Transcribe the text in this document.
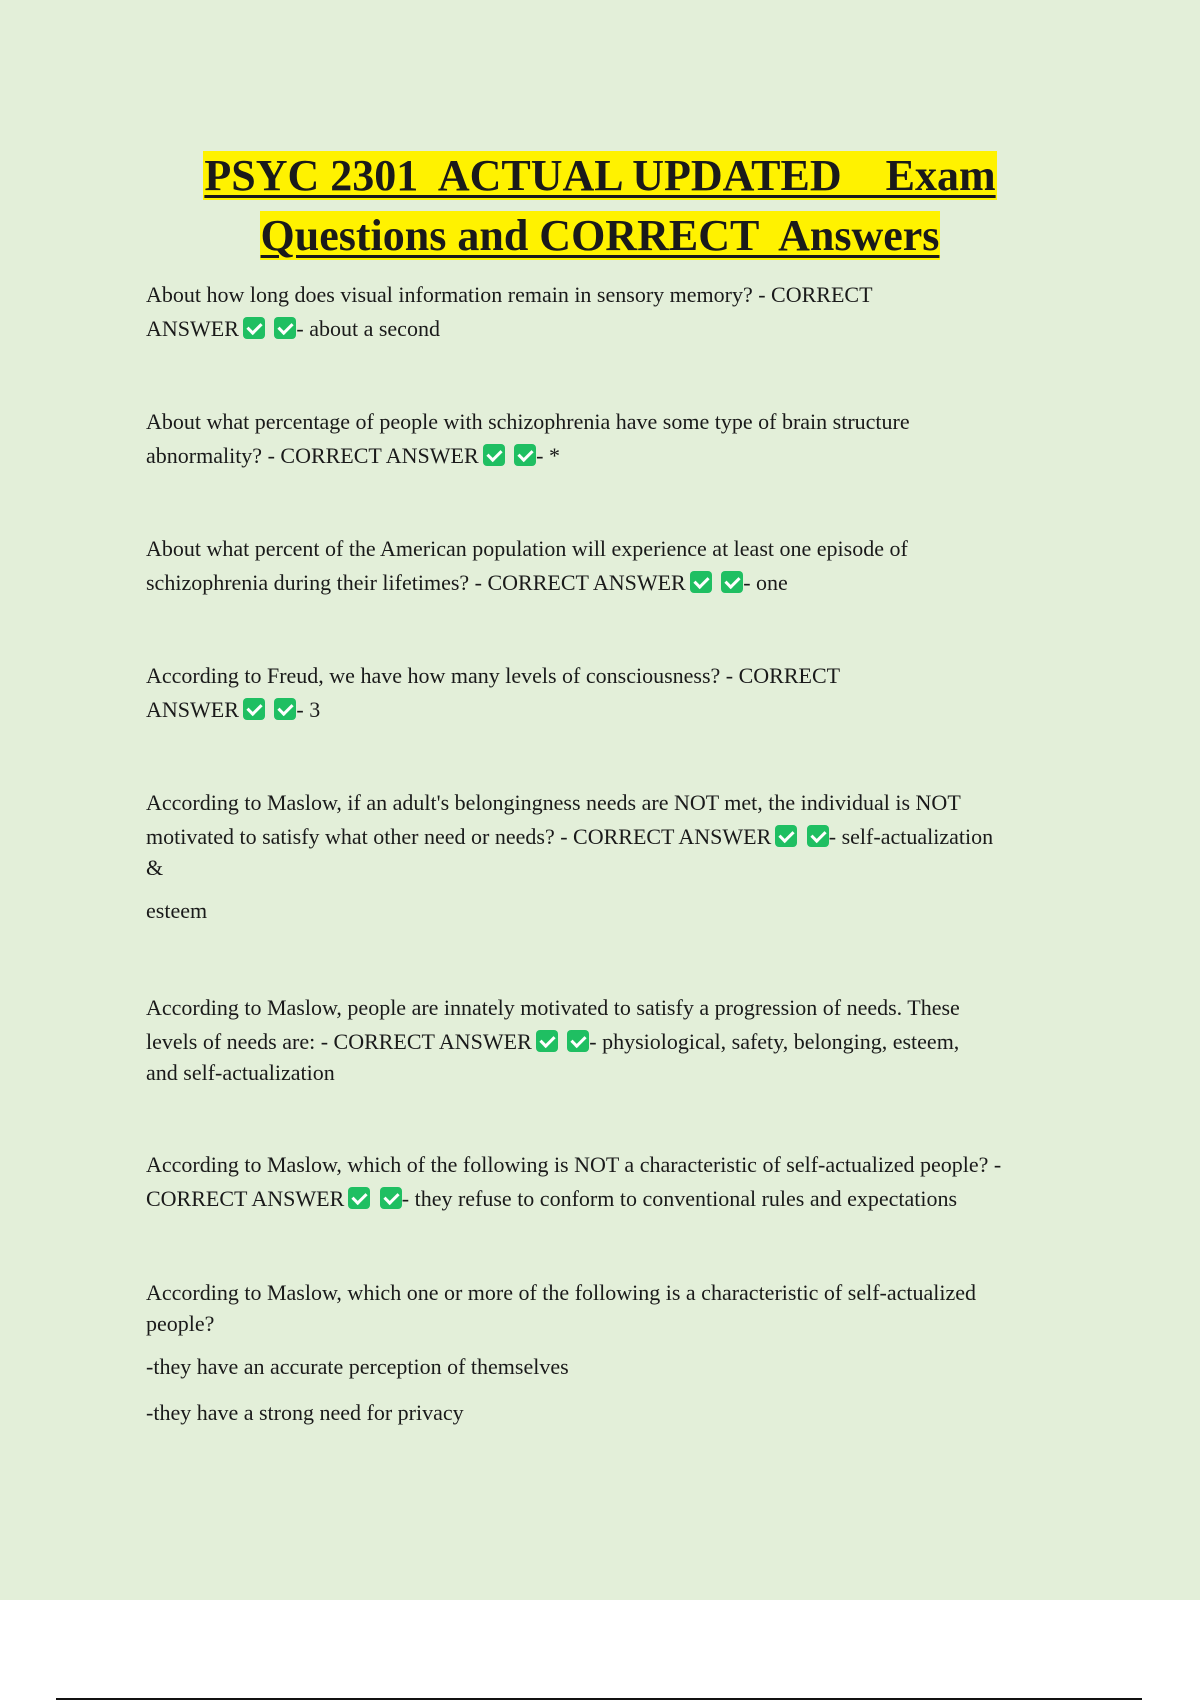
PSYC 2301  ACTUAL UPDATED    Exam
Questions and CORRECT  Answers

About how long does visual information remain in sensory memory? - CORRECT

ANSWER	- about a second

About what percentage of people with schizophrenia have some type of brain structure

abnormality? - CORRECT ANSWER	- *

About what percent of the American population will experience at least one episode of

schizophrenia during their lifetimes? - CORRECT ANSWER	- one

According to Freud, we have how many levels of consciousness? - CORRECT

ANSWER	- 3

According to Maslow, if an adult's belongingness needs are NOT met, the individual is NOT

motivated to satisfy what other need or needs? - CORRECT ANSWER	- self-actualization

&

esteem

According to Maslow, people are innately motivated to satisfy a progression of needs. These

levels of needs are: - CORRECT ANSWER	- physiological, safety, belonging, esteem,

and self-actualization

According to Maslow, which of the following is NOT a characteristic of self-actualized people? -

CORRECT ANSWER	- they refuse to conform to conventional rules and expectations

According to Maslow, which one or more of the following is a characteristic of self-actualized

people?

-they have an accurate perception of themselves

-they have a strong need for privacy
